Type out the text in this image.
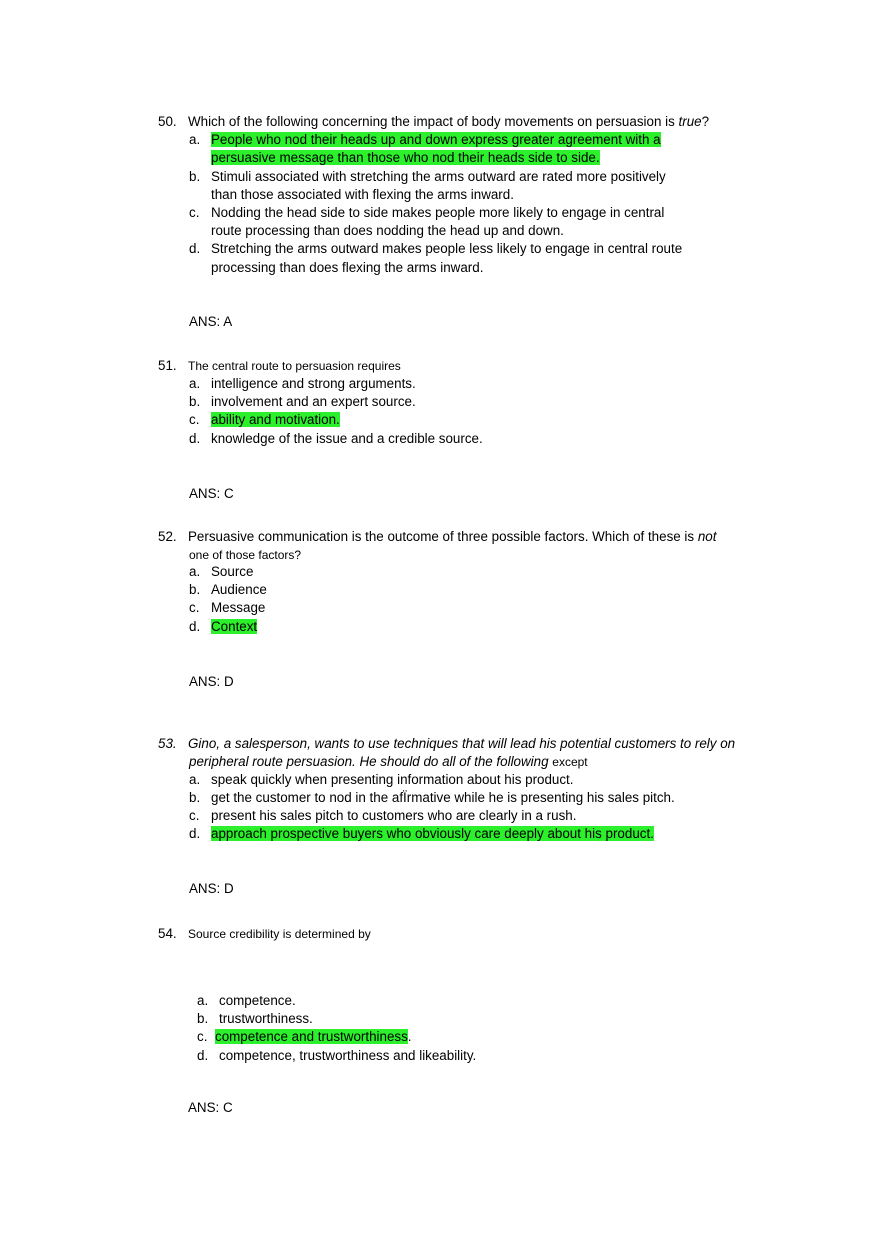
50. Which of the following concerning the impact of body movements on persuasion is true?
a. People who nod their heads up and down express greater agreement with a
persuasive message than those who nod their heads side to side.
b. Stimuli associated with stretching the arms outward are rated more positively
than those associated with flexing the arms inward.
c. Nodding the head side to side makes people more likely to engage in central
route processing than does nodding the head up and down.
d. Stretching the arms outward makes people less likely to engage in central route
processing than does flexing the arms inward.
ANS: A
51. The central route to persuasion requires
a. intelligence and strong arguments.
b. involvement and an expert source.
c. ability and motivation.
d. knowledge of the issue and a credible source.
ANS: C
52. Persuasive communication is the outcome of three possible factors. Which of these is not
one of those factors?
a. Source
b. Audience
c. Message
d. Context
ANS: D
53. Gino, a salesperson, wants to use techniques that will lead his potential customers to rely on
peripheral route persuasion. He should do all of the following except
a. speak quickly when presenting information about his product.
b. get the customer to nod in the afÏrmative while he is presenting his sales pitch.
c. present his sales pitch to customers who are clearly in a rush.
d. approach prospective buyers who obviously care deeply about his product.
ANS: D
54. Source credibility is determined by
a. competence.
b. trustworthiness.
c. competence and trustworthiness.
d. competence, trustworthiness and likeability.
ANS: C
